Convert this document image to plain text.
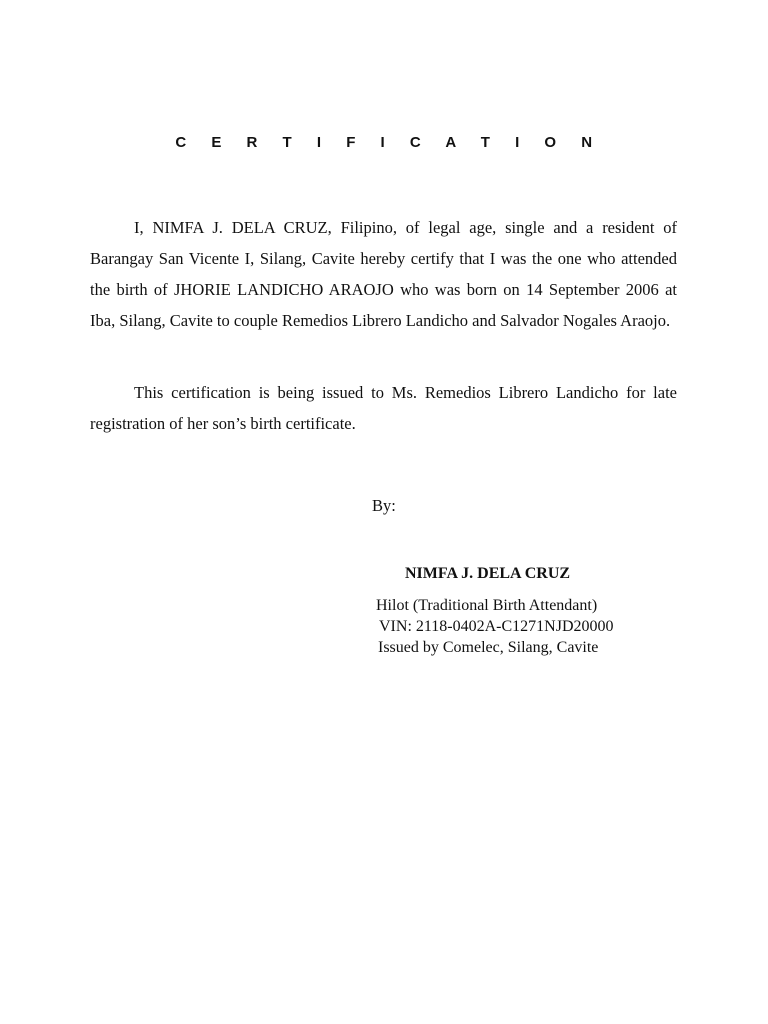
C E R T I F I C A T I O N

I, NIMFA J. DELA CRUZ, Filipino, of legal age, single and a resident of Barangay San Vicente I, Silang, Cavite hereby certify that I was the one who attended the birth of JHORIE LANDICHO ARAOJO who was born on 14 September 2006 at Iba, Silang, Cavite to couple Remedios Librero Landicho and Salvador Nogales Araojo.

This certification is being issued to Ms. Remedios Librero Landicho for late registration of her son’s birth certificate.

By:
NIMFA J. DELA CRUZ
Hilot (Traditional Birth Attendant)
VIN: 2118-0402A-C1271NJD20000
Issued by Comelec, Silang, Cavite
